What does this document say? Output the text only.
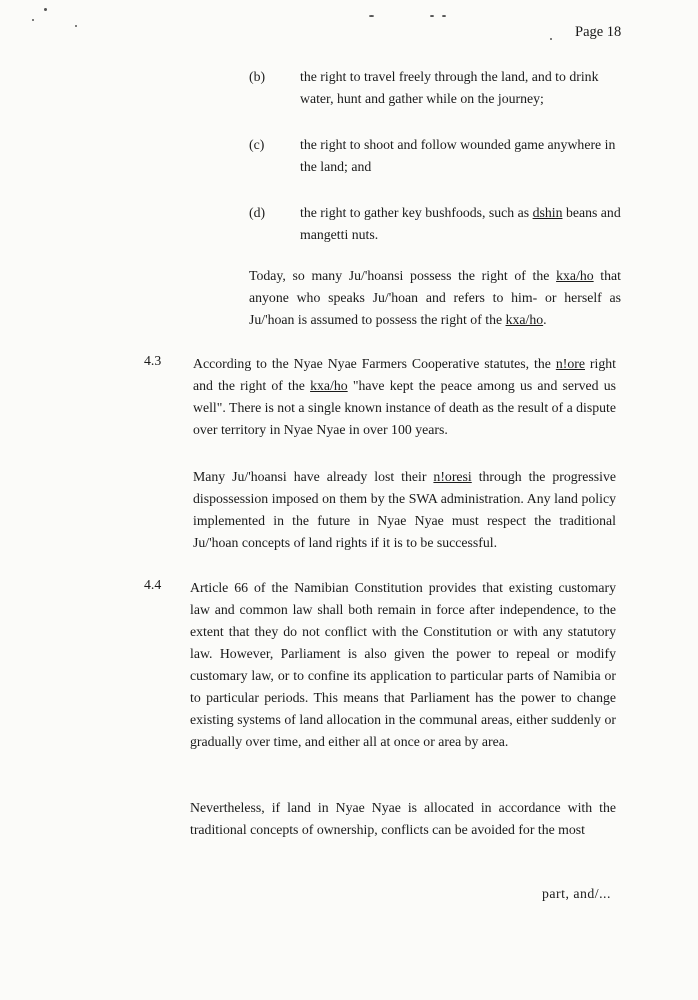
Page 18
(b)	the right to travel freely through the land, and to drink water, hunt and gather while on the journey;
(c)	the right to shoot and follow wounded game anywhere in the land; and
(d)	the right to gather key bushfoods, such as dshin beans and mangetti nuts.
Today, so many Ju/'hoansi possess the right of the kxa/ho that anyone who speaks Ju/'hoan and refers to him- or herself as Ju/'hoan is assumed to possess the right of the kxa/ho.
4.3 According to the Nyae Nyae Farmers Cooperative statutes, the n!ore right and the right of the kxa/ho "have kept the peace among us and served us well". There is not a single known instance of death as the result of a dispute over territory in Nyae Nyae in over 100 years.
Many Ju/'hoansi have already lost their n!oresi through the progressive dispossession imposed on them by the SWA administration. Any land policy implemented in the future in Nyae Nyae must respect the traditional Ju/'hoan concepts of land rights if it is to be successful.
4.4 Article 66 of the Namibian Constitution provides that existing customary law and common law shall both remain in force after independence, to the extent that they do not conflict with the Constitution or with any statutory law. However, Parliament is also given the power to repeal or modify customary law, or to confine its application to particular parts of Namibia or to particular periods. This means that Parliament has the power to change existing systems of land allocation in the communal areas, either suddenly or gradually over time, and either all at once or area by area.
Nevertheless, if land in Nyae Nyae is allocated in accordance with the traditional concepts of ownership, conflicts can be avoided for the most
part, and/...
